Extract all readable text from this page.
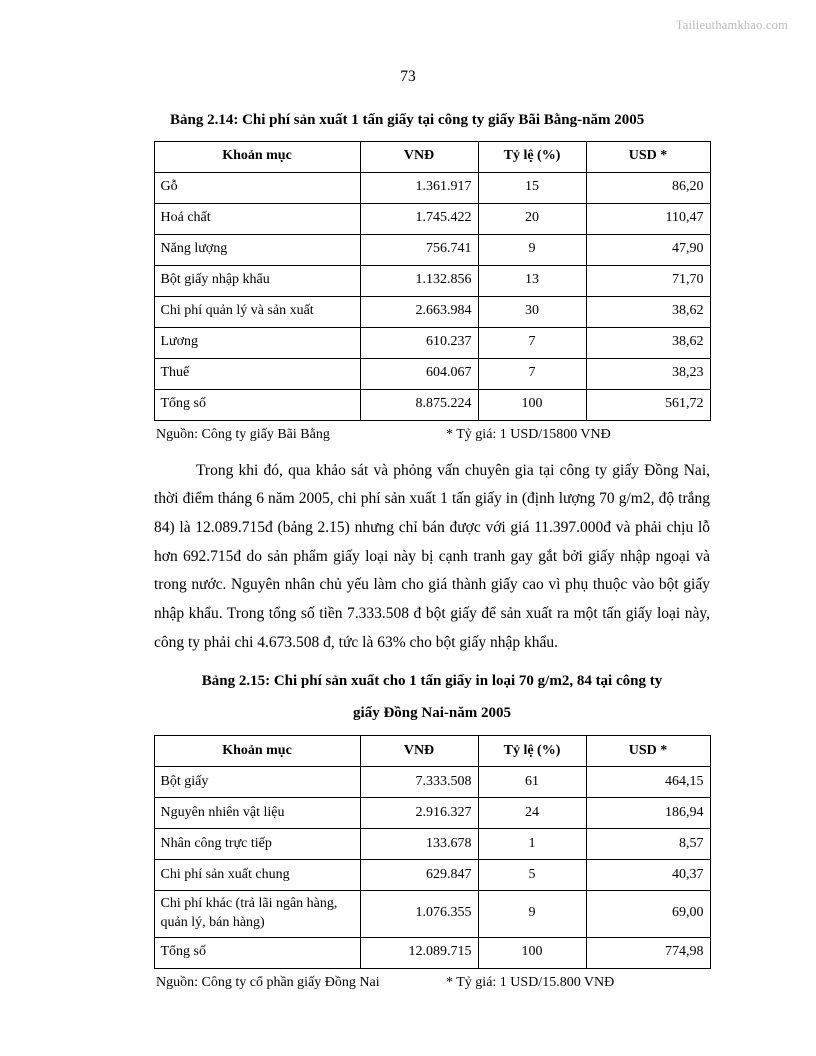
Tailieuthamkhao.com
73
Bảng 2.14: Chi phí sản xuất 1 tấn giấy tại công ty giấy Bãi Bằng-năm 2005
Khoản mục	VNĐ	Tỷ lệ (%)	USD *
Gỗ	1.361.917	15	86,20
Hoá chất	1.745.422	20	110,47
Năng lượng	756.741	9	47,90
Bột giấy nhập khẩu	1.132.856	13	71,70
Chi phí quản lý và sản xuất	2.663.984	30	38,62
Lương	610.237	7	38,62
Thuế	604.067	7	38,23
Tổng số	8.875.224	100	561,72
Nguồn: Công ty giấy Bãi Bằng	* Tỷ giá: 1 USD/15800 VNĐ

Trong khi đó, qua khảo sát và phỏng vấn chuyên gia tại công ty giấy Đồng Nai, thời điểm tháng 6 năm 2005, chi phí sản xuất 1 tấn giấy in (định lượng 70 g/m2, độ trắng 84) là 12.089.715đ (bảng 2.15) nhưng chỉ bán được với giá 11.397.000đ và phải chịu lỗ hơn 692.715đ do sản phẩm giấy loại này bị cạnh tranh gay gắt bởi giấy nhập ngoại và trong nước. Nguyên nhân chủ yếu làm cho giá thành giấy cao vì phụ thuộc vào bột giấy nhập khẩu. Trong tổng số tiền 7.333.508 đ bột giấy để sản xuất ra một tấn giấy loại này, công ty phải chi 4.673.508 đ, tức là 63% cho bột giấy nhập khẩu.

Bảng 2.15: Chi phí sản xuất cho 1 tấn giấy in loại 70 g/m2, 84 tại công ty
giấy Đồng Nai-năm 2005
Khoản mục	VNĐ	Tỷ lệ (%)	USD *
Bột giấy	7.333.508	61	464,15
Nguyên nhiên vật liệu	2.916.327	24	186,94
Nhân công trực tiếp	133.678	1	8,57
Chi phí sản xuất chung	629.847	5	40,37
Chi phí khác (trả lãi ngân hàng, quản lý, bán hàng)	1.076.355	9	69,00
Tổng số	12.089.715	100	774,98
Nguồn: Công ty cổ phần giấy Đồng Nai	* Tỷ giá: 1 USD/15.800 VNĐ
